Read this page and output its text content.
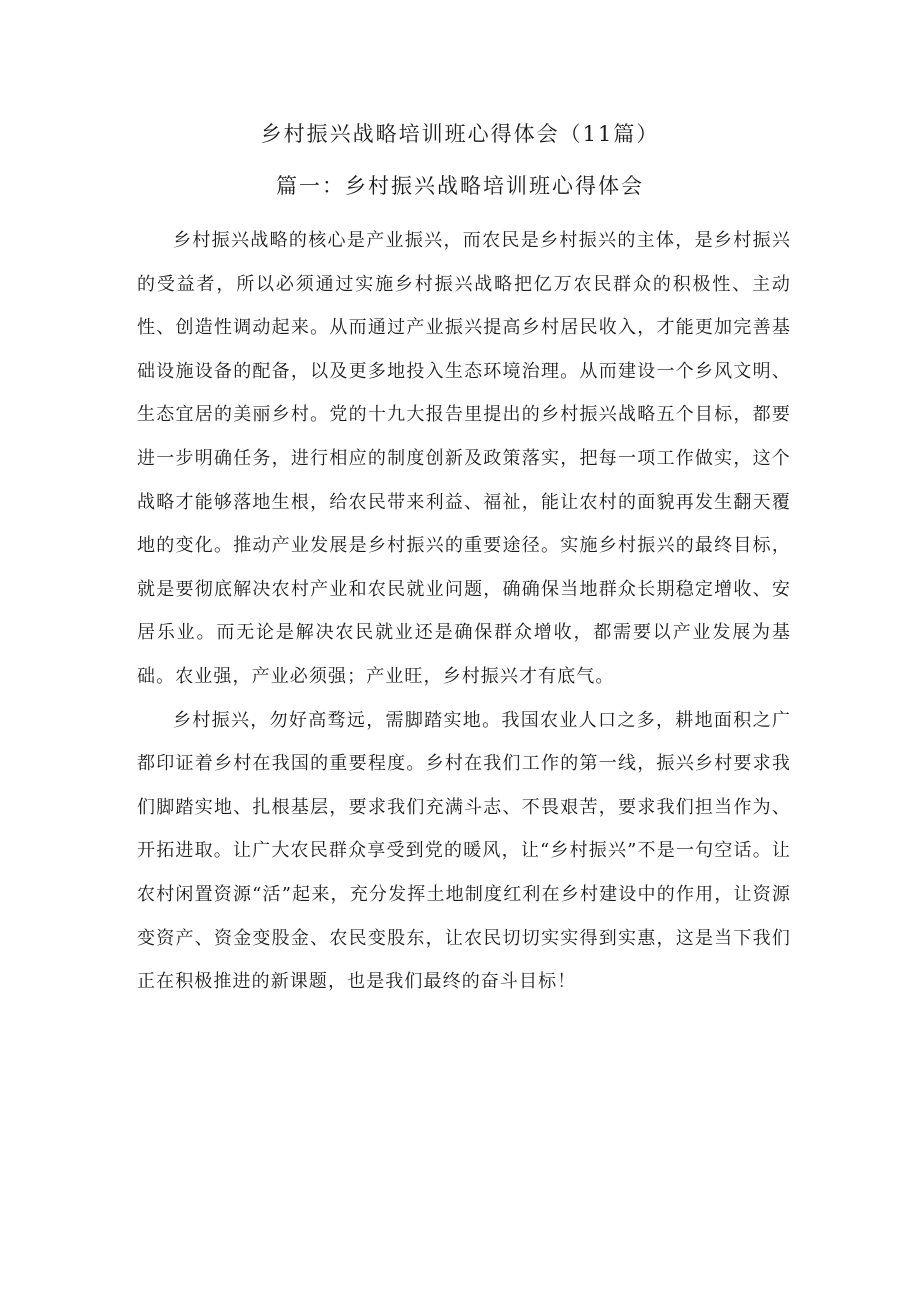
乡村振兴战略培训班心得体会（11篇）
篇一：乡村振兴战略培训班心得体会

乡村振兴战略的核心是产业振兴，而农民是乡村振兴的主体，是乡村振兴的受益者，所以必须通过实施乡村振兴战略把亿万农民群众的积极性、主动性、创造性调动起来。从而通过产业振兴提高乡村居民收入，才能更加完善基础设施设备的配备，以及更多地投入生态环境治理。从而建设一个乡风文明、生态宜居的美丽乡村。党的十九大报告里提出的乡村振兴战略五个目标，都要进一步明确任务，进行相应的制度创新及政策落实，把每一项工作做实，这个战略才能够落地生根，给农民带来利益、福祉，能让农村的面貌再发生翻天覆地的变化。推动产业发展是乡村振兴的重要途径。实施乡村振兴的最终目标，就是要彻底解决农村产业和农民就业问题，确确保当地群众长期稳定增收、安居乐业。而无论是解决农民就业还是确保群众增收，都需要以产业发展为基础。农业强，产业必须强；产业旺，乡村振兴才有底气。

乡村振兴，勿好高骛远，需脚踏实地。我国农业人口之多，耕地面积之广都印证着乡村在我国的重要程度。乡村在我们工作的第一线，振兴乡村要求我们脚踏实地、扎根基层，要求我们充满斗志、不畏艰苦，要求我们担当作为、开拓进取。让广大农民群众享受到党的暖风，让“乡村振兴”不是一句空话。让农村闲置资源“活”起来，充分发挥土地制度红利在乡村建设中的作用，让资源变资产、资金变股金、农民变股东，让农民切切实实得到实惠，这是当下我们正在积极推进的新课题，也是我们最终的奋斗目标！
